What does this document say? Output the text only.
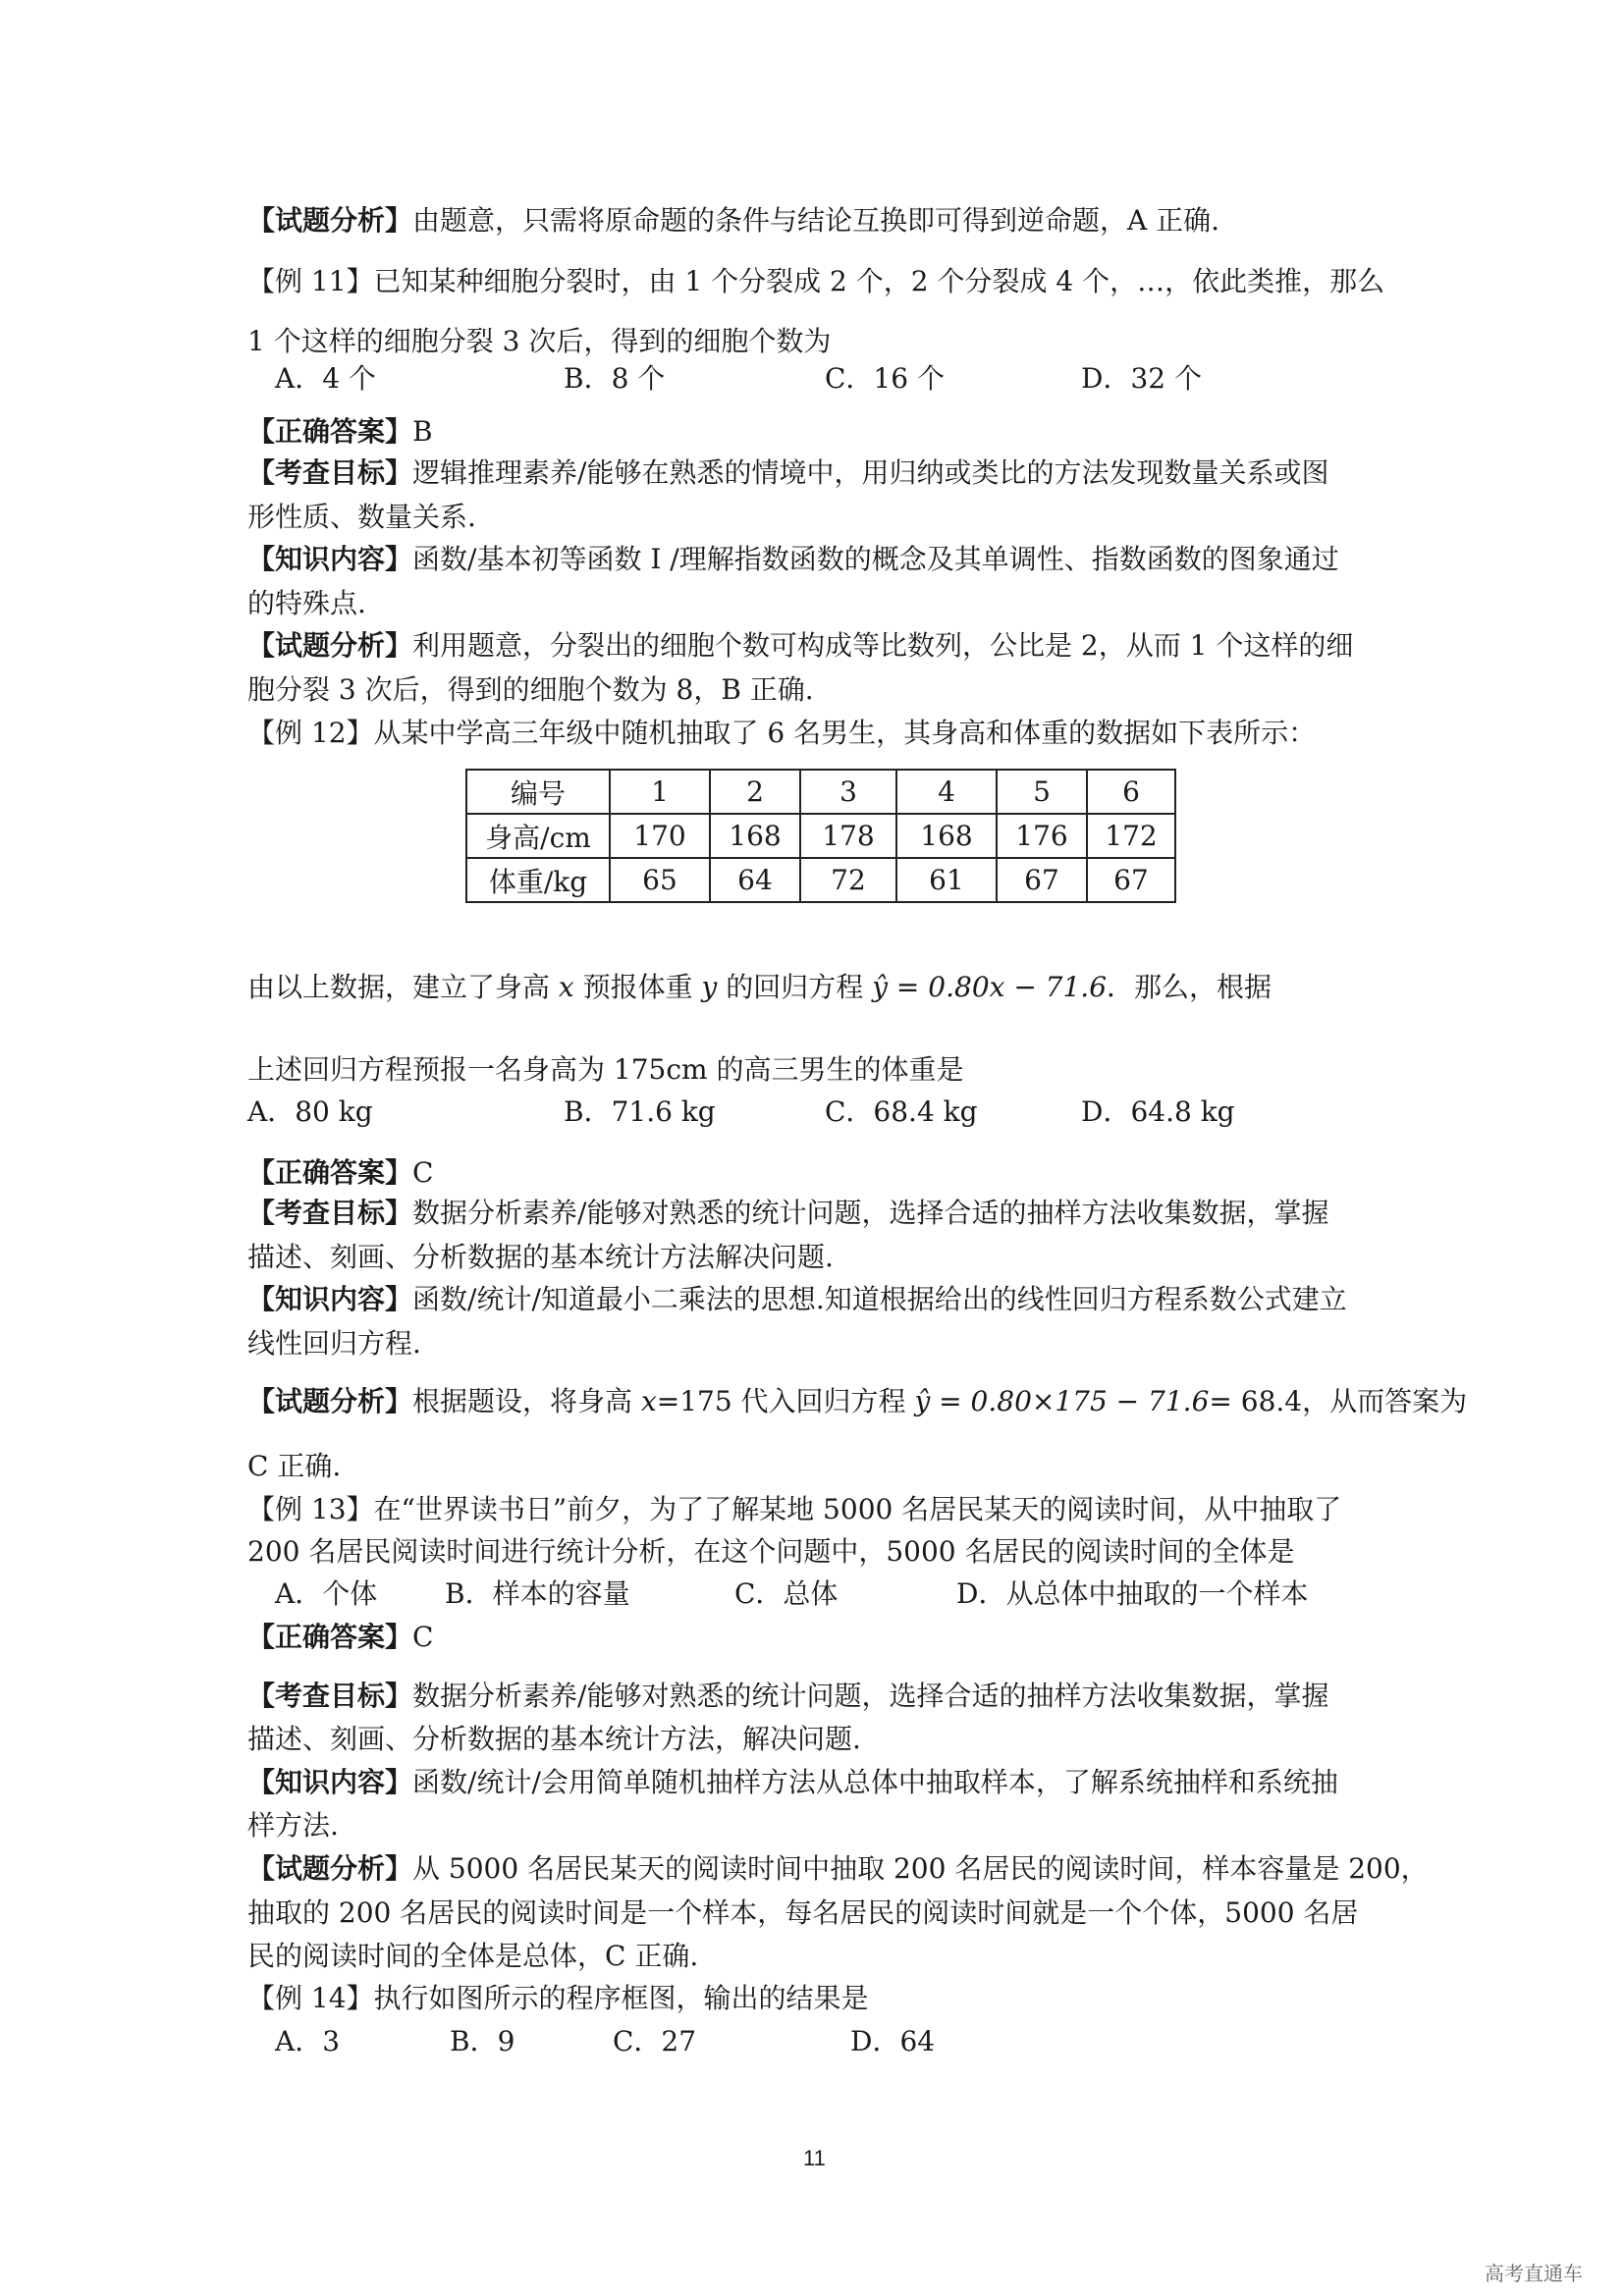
【试题分析】由题意，只需将原命题的条件与结论互换即可得到逆命题，A 正确.
【例 11】已知某种细胞分裂时，由 1 个分裂成 2 个，2 个分裂成 4 个，…，依此类推，那么
1 个这样的细胞分裂 3 次后，得到的细胞个数为
A．4 个	B．8 个	C．16 个	D．32 个
【正确答案】B
【考查目标】逻辑推理素养/能够在熟悉的情境中，用归纳或类比的方法发现数量关系或图
形性质、数量关系.
【知识内容】函数/基本初等函数 I /理解指数函数的概念及其单调性、指数函数的图象通过
的特殊点.
【试题分析】利用题意，分裂出的细胞个数可构成等比数列，公比是 2，从而 1 个这样的细
胞分裂 3 次后，得到的细胞个数为 8，B 正确.
【例 12】从某中学高三年级中随机抽取了 6 名男生，其身高和体重的数据如下表所示：
编号	1	2	3	4	5	6
身高/cm	170	168	178	168	176	172
体重/kg	65	64	72	61	67	67
由以上数据，建立了身高 x 预报体重 y 的回归方程 ŷ = 0.80x − 71.6．那么，根据
上述回归方程预报一名身高为 175cm 的高三男生的体重是
A．80 kg	B．71.6 kg	C．68.4 kg	D．64.8 kg
【正确答案】C
【考查目标】数据分析素养/能够对熟悉的统计问题，选择合适的抽样方法收集数据，掌握
描述、刻画、分析数据的基本统计方法解决问题.
【知识内容】函数/统计/知道最小二乘法的思想.知道根据给出的线性回归方程系数公式建立
线性回归方程.
【试题分析】根据题设，将身高 x=175 代入回归方程 ŷ = 0.80×175 − 71.6= 68.4，从而答案为
C 正确.
【例 13】在“世界读书日”前夕，为了了解某地 5000 名居民某天的阅读时间，从中抽取了
200 名居民阅读时间进行统计分析，在这个问题中，5000 名居民的阅读时间的全体是
A．个体 B．样本的容量	C．总体	D．从总体中抽取的一个样本
【正确答案】C
【考查目标】数据分析素养/能够对熟悉的统计问题，选择合适的抽样方法收集数据，掌握
描述、刻画、分析数据的基本统计方法，解决问题.
【知识内容】函数/统计/会用简单随机抽样方法从总体中抽取样本，了解系统抽样和系统抽
样方法.
【试题分析】从 5000 名居民某天的阅读时间中抽取 200 名居民的阅读时间，样本容量是 200，
抽取的 200 名居民的阅读时间是一个样本，每名居民的阅读时间就是一个个体，5000 名居
民的阅读时间的全体是总体，C 正确.
【例 14】执行如图所示的程序框图，输出的结果是
A．3	B．9	C．27	D．64
11
高考直通车
